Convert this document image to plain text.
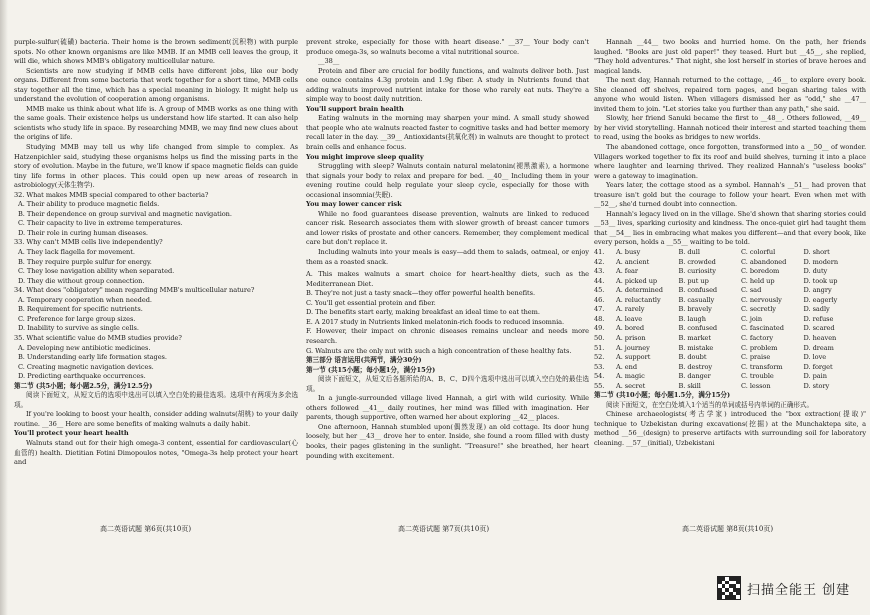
purple-sulfur(硫磺) bacteria. Their home is the brown sediment(沉积物) with purple spots. No other known organisms are like MMB. If an MMB cell leaves the group, it will die, which shows MMB's obligatory multicellular nature.

Scientists are now studying if MMB cells have different jobs, like our body organs. Different from some bacteria that work together for a short time, MMB cells stay together all the time, which has a special meaning in biology. It might help us understand the evolution of cooperation among organisms.

MMB make us think about what life is. A group of MMB works as one thing with the same goals. Their existence helps us understand how life started. It can also help scientists who study life in space. By researching MMB, we may find new clues about the origins of life.

Studying MMB may tell us why life changed from simple to complex. As Hatzenpichler said, studying these organisms helps us find the missing parts in the story of evolution. Maybe in the future, we'll know if space magnetic fields can guide tiny life forms in other places. This could open up new areas of research in astrobiology(天体生物学).

32. What makes MMB special compared to other bacteria?

A. Their ability to produce magnetic fields.

B. Their dependence on group survival and magnetic navigation.

C. Their capacity to live in extreme temperatures.

D. Their role in curing human diseases.

33. Why can't MMB cells live independently?

A. They lack flagella for movement.

B. They require purple sulfur for energy.

C. They lose navigation ability when separated.

D. They die without group connection.

34. What does "obligatory" mean regarding MMB's multicellular nature?

A. Temporary cooperation when needed.

B. Requirement for specific nutrients.

C. Preference for large group sizes.

D. Inability to survive as single cells.

35. What scientific value do MMB studies provide?

A. Developing new antibiotic medicines.

B. Understanding early life formation stages.

C. Creating magnetic navigation devices.

D. Predicting earthquake occurrences.

第二节 (共5小题；每小题2.5分，满分12.5分)

阅读下面短文，从短文后的选项中选出可以填入空白处的最佳选项。选项中有两项为多余选项。

If you're looking to boost your health, consider adding walnuts(胡桃) to your daily routine. __36__ Here are some benefits of making walnuts a daily habit.

You'll protect your heart health

Walnuts stand out for their high omega-3 content, essential for cardiovascular(心血管的) health. Dietitian Fotini Dimopoulos notes, "Omega-3s help protect your heart and

prevent stroke, especially for those with heart disease." __37__ Your body can't produce omega-3s, so walnuts become a vital nutritional source.

__38__

Protein and fiber are crucial for bodily functions, and walnuts deliver both. Just one ounce contains 4.3g protein and 1.9g fiber. A study in Nutrients found that adding walnuts improved nutrient intake for those who rarely eat nuts. They're a simple way to boost daily nutrition.

You'll support brain health

Eating walnuts in the morning may sharpen your mind. A small study showed that people who ate walnuts reacted faster to cognitive tasks and had better memory recall later in the day. __39__ Antioxidants(抗氧化剂) in walnuts are thought to protect brain cells and enhance focus.

You might improve sleep quality

Struggling with sleep? Walnuts contain natural melatonin(褪黑激素), a hormone that signals your body to relax and prepare for bed. __40__ Including them in your evening routine could help regulate your sleep cycle, especially for those with occasional insomnia(失眠).

You may lower cancer risk

While no food guarantees disease prevention, walnuts are linked to reduced cancer risk. Research associates them with slower growth of breast cancer tumors and lower risks of prostate and other cancers. Remember, they complement medical care but don't replace it.

Including walnuts into your meals is easy—add them to salads, oatmeal, or enjoy them as a roasted snack.

A. This makes walnuts a smart choice for heart-healthy diets, such as the Mediterranean Diet.

B. They're not just a tasty snack—they offer powerful health benefits.

C. You'll get essential protein and fiber.

D. The benefits start early, making breakfast an ideal time to eat them.

E. A 2017 study in Nutrients linked melatonin-rich foods to reduced insomnia.

F. However, their impact on chronic diseases remains unclear and needs more research.

G. Walnuts are the only nut with such a high concentration of these healthy fats.

第三部分 语言运用(共两节，满分30分)

第一节 (共15小题；每小题1分，满分15分)

阅读下面短文，从短文后各题所给的A、B、C、D四个选项中选出可以填入空白处的最佳选项。

In a jungle-surrounded village lived Hannah, a girl with wild curiosity. While others followed __41__ daily routines, her mind was filled with imagination. Her parents, though supportive, often warned her about exploring __42__ places.

One afternoon, Hannah stumbled upon(偶然发现) an old cottage. Its door hung loosely, but her __43__ drove her to enter. Inside, she found a room filled with dusty books, their pages glistening in the sunlight. "Treasure!" she breathed, her heart pounding with excitement.

Hannah __44__ two books and hurried home. On the path, her friends laughed. "Books are just old paper!" they teased. Hurt but __45__, she replied, "They hold adventures." That night, she lost herself in stories of brave heroes and magical lands.

The next day, Hannah returned to the cottage, __46__ to explore every book. She cleaned off shelves, repaired torn pages, and began sharing tales with anyone who would listen. When villagers dismissed her as "odd," she __47__ invited them to join. "Let stories take you further than any path," she said.

Slowly, her friend Sanuki became the first to __48__. Others followed, __49__ by her vivid storytelling. Hannah noticed their interest and started teaching them to read, using the books as bridges to new worlds.

The abandoned cottage, once forgotten, transformed into a __50__ of wonder. Villagers worked together to fix its roof and build shelves, turning it into a place where laughter and learning thrived. They realized Hannah's "useless books" were a gateway to imagination.

Years later, the cottage stood as a symbol. Hannah's __51__ had proven that treasure isn't gold but the courage to follow your heart. Even when met with __52__, she'd turned doubt into connection.

Hannah's legacy lived on in the village. She'd shown that sharing stories could __53__ lives, sparking curiosity and kindness. The once-quiet girl had taught them that __54__ lies in embracing what makes you different—and that every book, like every person, holds a __55__ waiting to be told.

41.	A. busy	B. dull	C. colorful	D. short
42.	A. ancient	B. crowded	C. abandoned	D. modern
43.	A. fear	B. curiosity	C. boredom	D. duty
44.	A. picked up	B. put up	C. held up	D. took up
45.	A. determined	B. confused	C. sad	D. angry
46.	A. reluctantly	B. casually	C. nervously	D. eagerly
47.	A. rarely	B. bravely	C. secretly	D. sadly
48.	A. leave	B. laugh	C. join	D. refuse
49.	A. bored	B. confused	C. fascinated	D. scared
50.	A. prison	B. market	C. factory	D. heaven
51.	A. journey	B. mistake	C. problem	D. dream
52.	A. support	B. doubt	C. praise	D. love
53.	A. end	B. destroy	C. transform	D. forget
54.	A. magic	B. danger	C. trouble	D. pain
55.	A. secret	B. skill	C. lesson	D. story

第二节 (共10小题；每小题1.5分，满分15分)

阅读下面短文，在空白处填入1个适当的单词或括号内单词的正确形式。

Chinese archaeologists(考古学家) introduced the "box extraction(提取)" technique to Uzbekistan during excavations(挖掘) at the Munchaktepa site, a method __56__(design) to preserve artifacts with surrounding soil for laboratory cleaning. __57__(initial), Uzbekistani

高二英语试题 第6页(共10页)	高二英语试题 第7页(共10页)	高二英语试题 第8页(共10页)
扫描全能王 创建
